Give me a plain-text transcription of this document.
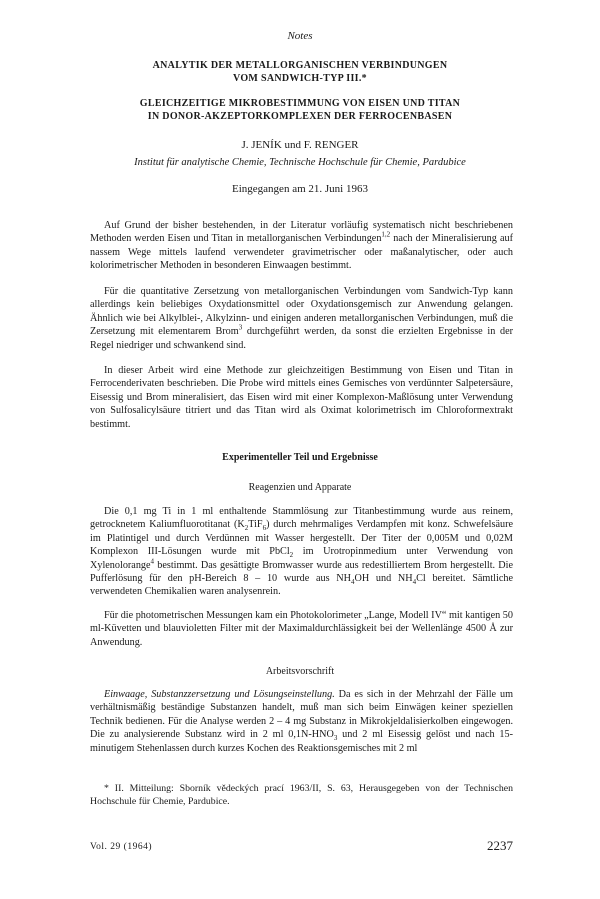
Notes
ANALYTIK DER METALLORGANISCHEN VERBINDUNGEN
VOM SANDWICH-TYP III.*
GLEICHZEITIGE MIKROBESTIMMUNG VON EISEN UND TITAN
IN DONOR-AKZEPTORKOMPLEXEN DER FERROCENBASEN
J. JENÍK und F. RENGER
Institut für analytische Chemie, Technische Hochschule für Chemie, Pardubice
Eingegangen am 21. Juni 1963

Auf Grund der bisher bestehenden, in der Literatur vorläufig systematisch nicht beschriebenen Methoden werden Eisen und Titan in metallorganischen Verbindungen$^{1,2}$ nach der Mineralisierung auf nassem Wege mittels laufend verwendeter gravimetrischer oder maßanalytischer, oder auch kolorimetrischer Methoden in besonderen Einwaagen bestimmt.

Für die quantitative Zersetzung von metallorganischen Verbindungen vom Sandwich-Typ kann allerdings kein beliebiges Oxydationsmittel oder Oxydationsgemisch zur Anwendung gelangen. Ähnlich wie bei Alkylblei-, Alkylzinn- und einigen anderen metallorganischen Verbindungen, muß die Zersetzung mit elementarem Brom$^3$ durchgeführt werden, da sonst die erzielten Ergebnisse in der Regel niedriger und schwankend sind.

In dieser Arbeit wird eine Methode zur gleichzeitigen Bestimmung von Eisen und Titan in Ferrocenderivaten beschrieben. Die Probe wird mittels eines Gemisches von verdünnter Salpetersäure, Eisessig und Brom mineralisiert, das Eisen wird mit einer Komplexon-Maßlösung unter Verwendung von Sulfosalicylsäure titriert und das Titan wird als Oximat kolorimetrisch im Chloroformextrakt bestimmt.

Experimenteller Teil und Ergebnisse
Reagenzien und Apparate

Die 0,1 mg Ti in 1 ml enthaltende Stammlösung zur Titanbestimmung wurde aus reinem, getrocknetem Kaliumfluorotitanat $(K_2TiF_6)$ durch mehrmaliges Verdampfen mit konz. Schwefelsäure im Platintigel und durch Verdünnen mit Wasser hergestellt. Der Titer der 0,005M und 0,02M Komplexon III-Lösungen wurde mit PbCl$_2$ im Urotropinmedium unter Verwendung von Xylenolorange$^4$ bestimmt. Das gesättigte Bromwasser wurde aus redestilliertem Brom hergestellt. Die Pufferlösung für den pH-Bereich 8 – 10 wurde aus $NH_4OH$ und $NH_4Cl$ bereitet. Sämtliche verwendeten Chemikalien waren analysenrein.

Für die photometrischen Messungen kam ein Photokolorimeter „Lange, Modell IV“ mit kantigen 50 ml-Küvetten und blauvioletten Filter mit der Maximaldurchlässigkeit bei der Wellenlänge 4500 Å zur Anwendung.

Arbeitsvorschrift

Einwaage, Substanzzersetzung und Lösungseinstellung. Da es sich in der Mehrzahl der Fälle um verhältnismäßig beständige Substanzen handelt, muß man sich beim Einwägen keiner speziellen Technik bedienen. Für die Analyse werden 2 – 4 mg Substanz in Mikrokjeldalisierkolben eingewogen. Die zu analysierende Substanz wird in 2 ml $0,1N-HNO_3$ und 2 ml Eisessig gelöst und nach 15-minutigem Stehenlassen durch kurzes Kochen des Reaktionsgemisches mit 2 ml

* II. Mitteilung: Sborník vědeckých prací 1963/II, S. 63, Herausgegeben von der Technischen Hochschule für Chemie, Pardubice.

Vol. 29 (1964)	2237
